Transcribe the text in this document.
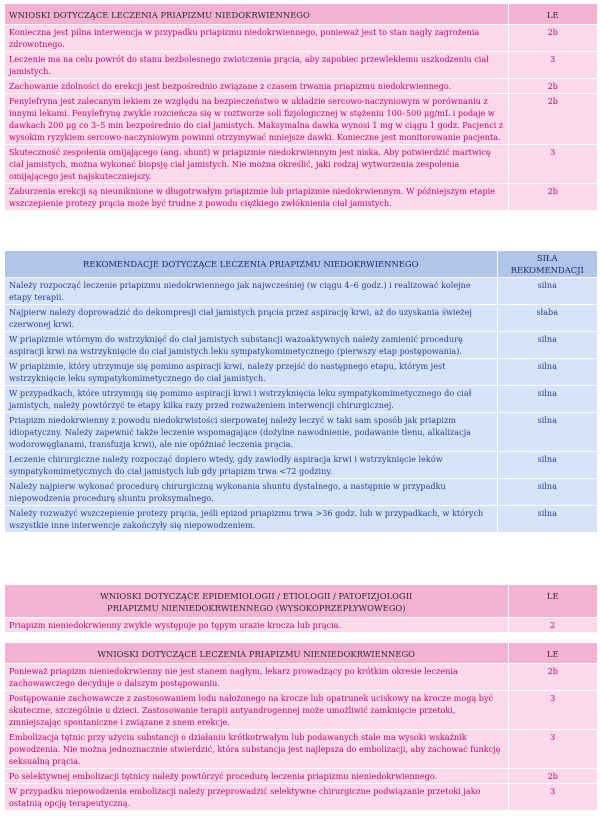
WNIOSKI DOTYCZĄCE LECZENIA PRIAPIZMU NIEDOKRWIENNEGO	LE
Konieczna jest pilna interwencja w przypadku priapizmu niedokrwiennego, ponieważ jest to stan nagły zagrożenia zdrowotnego.	2b
Leczenie ma na celu powrót do stanu bezbolesnego zwiotczenia prącia, aby zapobiec przewlekłemu uszkodzeniu ciał jamistych.	3
Zachowanie zdolności do erekcji jest bezpośrednio związane z czasem trwania priapizmu niedokrwiennego.	2b
Fenylefryna jest zalecanym lekiem ze względu na bezpieczeństwo w układzie sercowo-naczyniowym w porównaniu z innymi lekami. Fenylefrynę zwykle rozcieńcza się w roztworze soli fizjologicznej w stężeniu 100–500 μg/mL i podaje w dawkach 200 μg co 3–5 min bezpośrednio do ciał jamistych. Maksymalna dawka wynosi 1 mg w ciągu 1 godz. Pacjenci z wysokim ryzykiem sercowo-naczyniowym powinni otrzymywać mniejsze dawki. Konieczne jest monitorowanie pacjenta.	2b
Skuteczność zespolenia omijającego (ang. shunt) w priapizmie niedokrwiennym jest niska. Aby potwierdzić martwicę ciał jamistych, można wykonać biopsję ciał jamistych. Nie można określić, jaki rodzaj wytworzenia zespolenia omijającego jest najskuteczniejszy.	3
Zaburzenia erekcji są nieuniknione w długotrwałym priapizmie lub priapizmie niedokrwiennym. W późniejszym etapie wszczepienie protezy prącia może być trudne z powodu ciężkiego zwłóknienia ciał jamistych.	2b
REKOMENDACJE DOTYCZĄCE LECZENIA PRIAPIZMU NIEDOKRWIENNEGO	SIŁA
REKOMENDACJI

Należy rozpocząć leczenie priapizmu niedokrwiennego jak najwcześniej (w ciągu 4–6 godz.) i realizować kolejne etapy terapii.	silna
Najpierw należy doprowadzić do dekompresji ciał jamistych prącia przez aspirację krwi, aż do uzyskania świeżej czerwonej krwi.	słaba
W priapizmie wtórnym do wstrzyknięć do ciał jamistych substancji wazoaktywnych należy zamienić procedurę aspiracji krwi na wstrzyknięcie do ciał jamistych leku sympatykomimetycznego (pierwszy etap postępowania).	silna
W priapizmie, który utrzymuje się pomimo aspiracji krwi, należy przejść do następnego etapu, którym jest wstrzyknięcie leku sympatykomimetycznego do ciał jamistych.	silna
W przypadkach, które utrzymują się pomimo aspiracji krwi i wstrzyknięcia leku sympatykomimetycznego do ciał jamistych, należy powtórzyć te etapy kilka razy przed rozważeniem interwencji chirurgicznej.	silna
Priapizm niedokrwienny z powodu niedokrwistości sierpowatej należy leczyć w taki sam sposób jak priapizm idiopatyczny. Należy zapewnić także leczenie wspomagające (dożylne nawodnienie, podawanie tlenu, alkalizacja wodorowęglanami, transfuzja krwi), ale nie opóźniać leczenia prącia.	silna
Leczenie chirurgiczne należy rozpocząć dopiero wtedy, gdy zawiodły aspiracja krwi i wstrzyknięcie leków sympatykomimetycznych do ciał jamistych lub gdy priapizm trwa <72 godziny.	silna
Należy najpierw wykonać procedurę chirurgiczną wykonania shuntu dystalnego, a następnie w przypadku niepowodzenia procedurę shuntu proksymalnego.	silna
Należy rozważyć wszczepienie protezy prącia, jeśli epizod priapizmu trwa >36 godz. lub w przypadkach, w których wszystkie inne interwencje zakończyły się niepowodzeniem.	silna
WNIOSKI DOTYCZĄCE EPIDEMIOLOGII / ETIOLOGII / PATOFIZJOLOGII
PRIAPIZMU NIENIEDOKRWIENNEGO (WYSOKOPRZEPŁYWOWEGO)	LE
Priapizm nieniedokrwienny zwykle występuje po tępym urazie krocza lub prącia.	2
WNIOSKI DOTYCZĄCE LECZENIA PRIAPIZMU NIENIEDOKRWIENNEGO	LE
Ponieważ priapizm nieniedokrwienny nie jest stanem nagłym, lekarz prowadzący po krótkim okresie leczenia zachowawczego decyduje o dalszym postępowaniu.	2b
Postępowanie zachowawcze z zastosowaniem lodu nałożonego na krocze lub opatrunek uciskowy na krocze mogą być skuteczne, szczególnie u dzieci. Zastosowanie terapii antyandrogennej może umożliwić zamknięcie przetoki, zmniejszając spontaniczne i związane z snem erekcje.	3
Embolizacja tętnic przy użyciu substancji o działaniu krótkotrwałym lub podawanych stale ma wysoki wskaźnik powodzenia. Nie można jednoznacznie stwierdzić, która substancja jest najlepsza do embolizacji, aby zachować funkcję seksualną prącia.	3
Po selektywnej embolizacji tętnicy należy powtórzyć procedurę leczenia priapizmu nieniedokrwiennego.	2b
W przypadku niepowodzenia embolizacji należy przeprowadzić selektywne chirurgiczne podwiązanie przetoki jako ostatnią opcję terapeutyczną.	3
